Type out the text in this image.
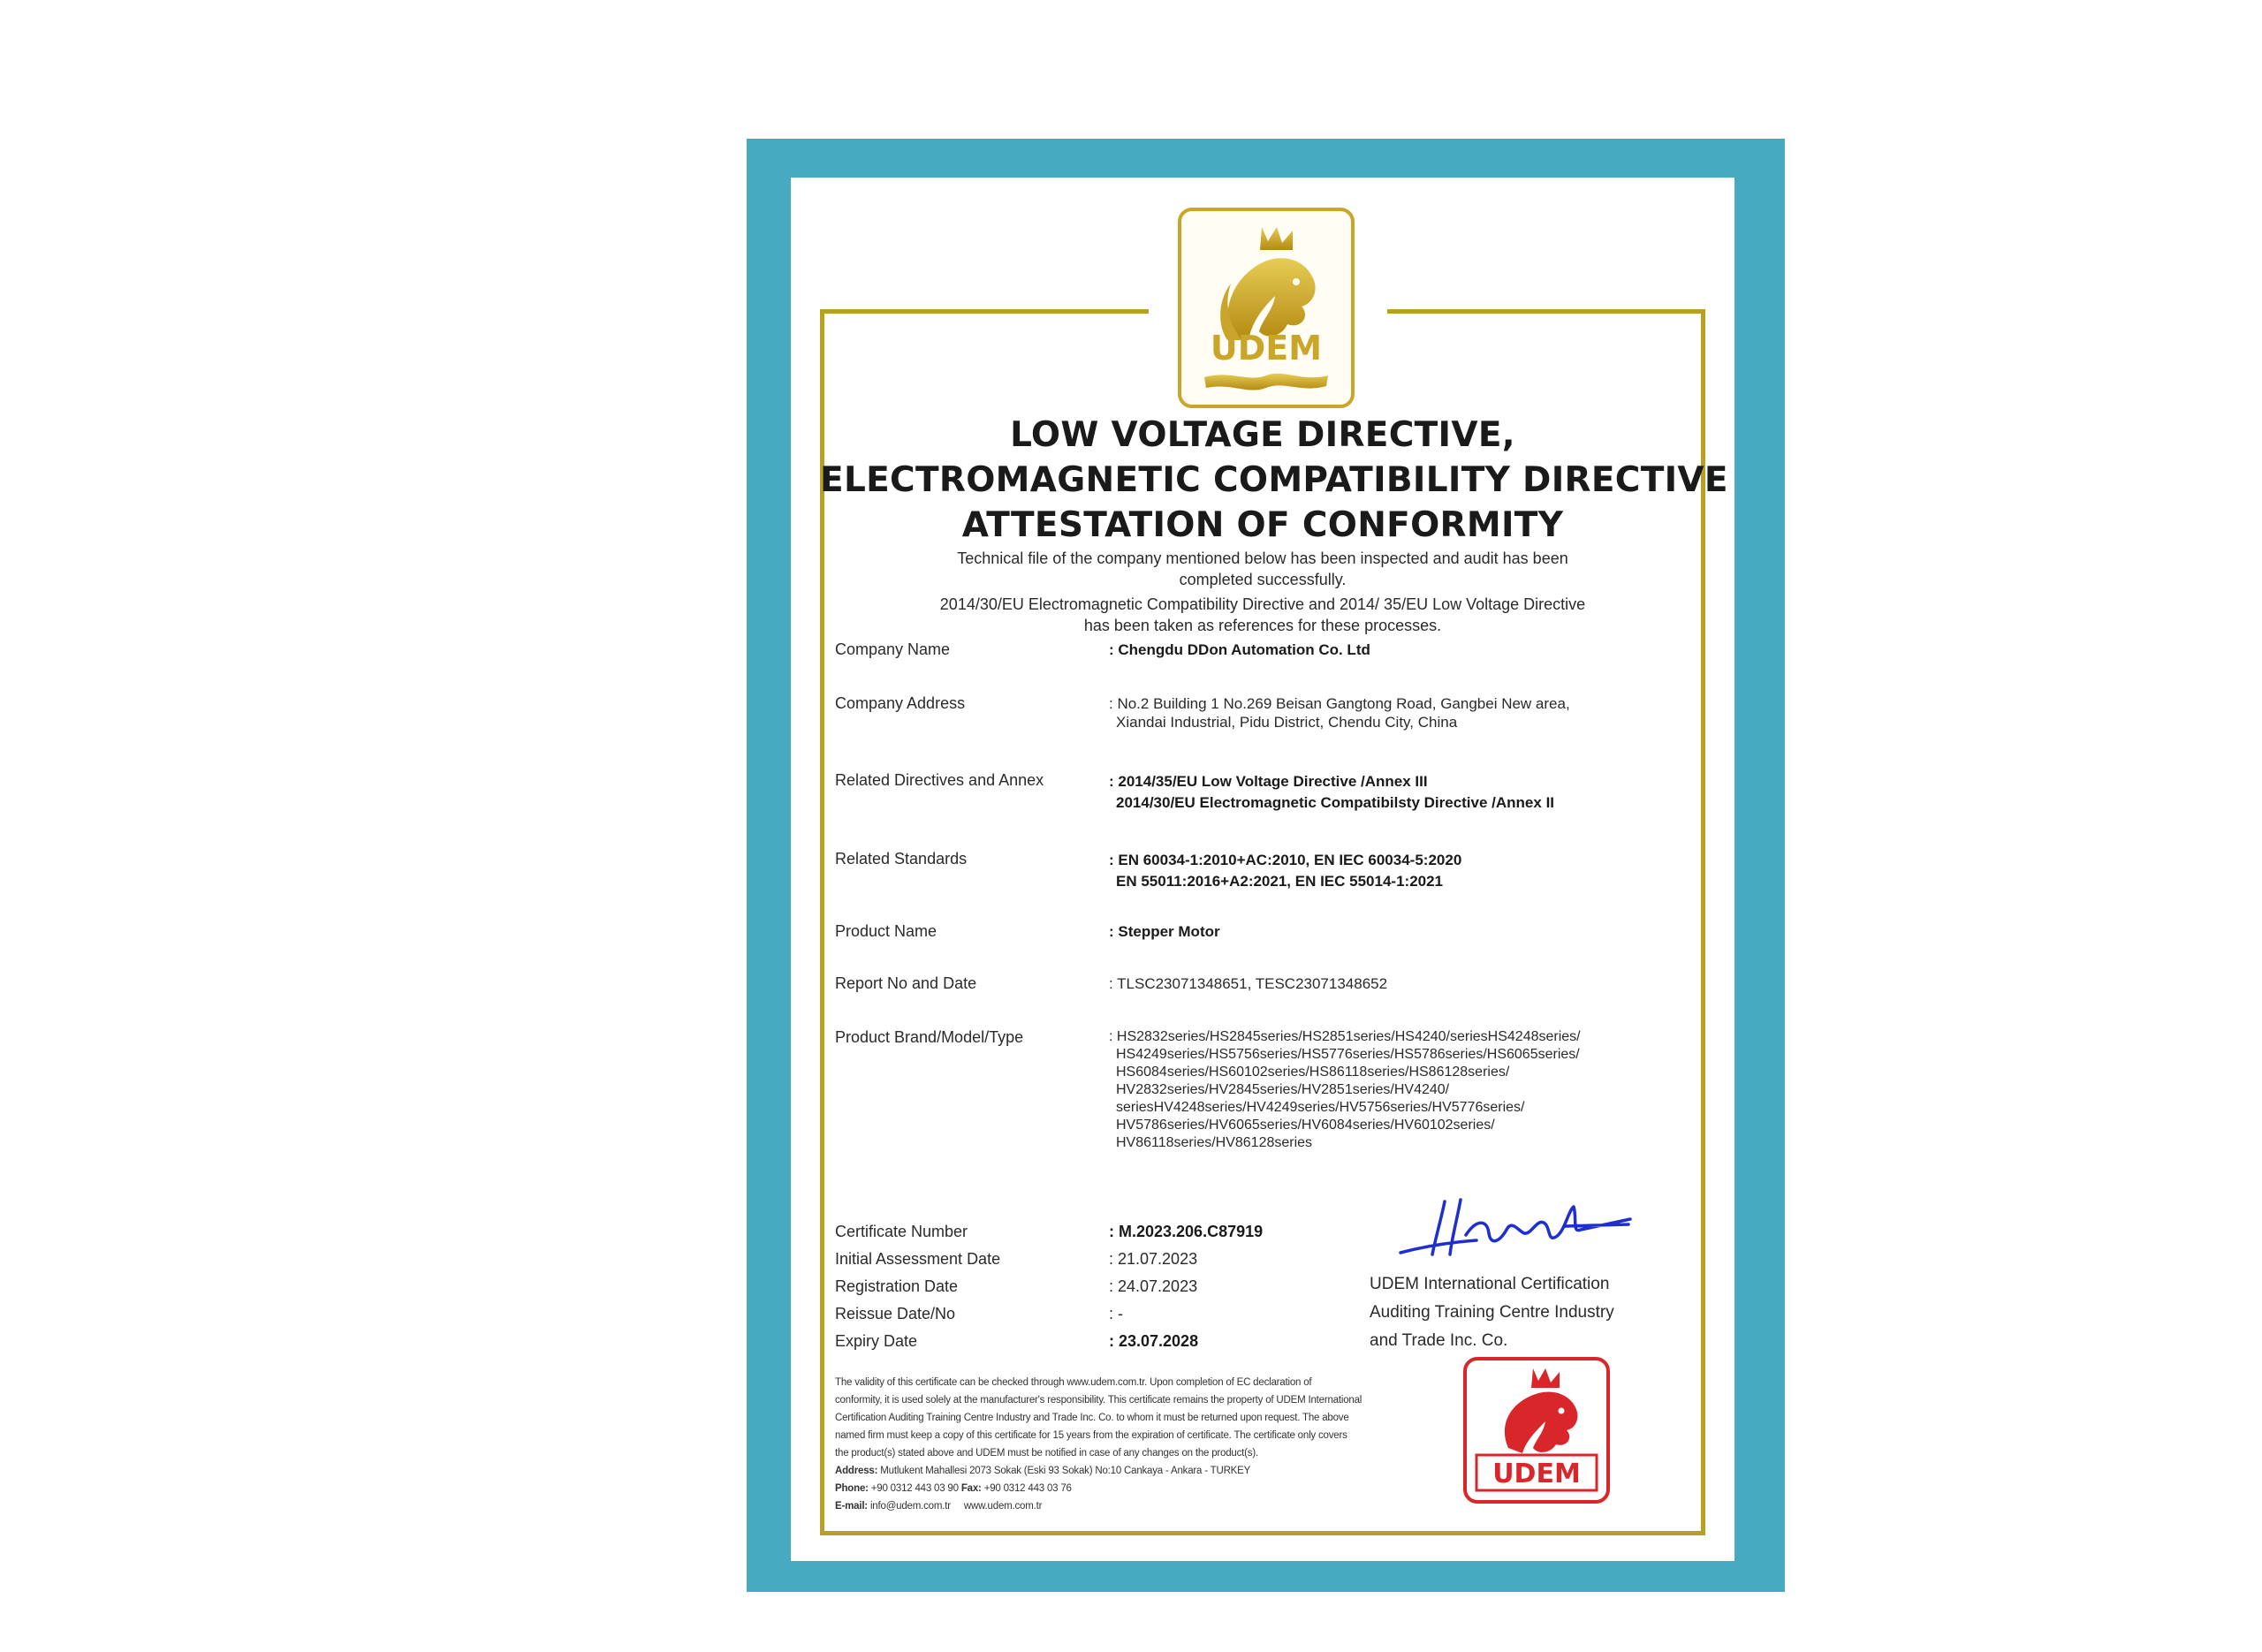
UDEM
LOW VOLTAGE DIRECTIVE,
ELECTROMAGNETIC COMPATIBILITY DIRECTIVE
ATTESTATION OF CONFORMITY
Technical file of the company mentioned below has been inspected and audit has been
completed successfully.
2014/30/EU Electromagnetic Compatibility Directive and 2014/ 35/EU Low Voltage Directive
has been taken as references for these processes.
Company Name	: Chengdu DDon Automation Co. Ltd
Company Address	: No.2 Building 1 No.269 Beisan Gangtong Road, Gangbei New area,
Xiandai Industrial, Pidu District, Chendu City, China
Related Directives and Annex	: 2014/35/EU Low Voltage Directive /Annex III
2014/30/EU Electromagnetic Compatibilsty Directive /Annex II
Related Standards	: EN 60034-1:2010+AC:2010, EN IEC 60034-5:2020
EN 55011:2016+A2:2021, EN IEC 55014-1:2021
Product Name	: Stepper Motor
Report No and Date	: TLSC23071348651, TESC23071348652
Product Brand/Model/Type	: HS2832series/HS2845series/HS2851series/HS4240/seriesHS4248series/
HS4249series/HS5756series/HS5776series/HS5786series/HS6065series/
HS6084series/HS60102series/HS86118series/HS86128series/
HV2832series/HV2845series/HV2851series/HV4240/
seriesHV4248series/HV4249series/HV5756series/HV5776series/
HV5786series/HV6065series/HV6084series/HV60102series/
HV86118series/HV86128series
Certificate Number	: M.2023.206.C87919
Initial Assessment Date	: 21.07.2023
Registration Date	: 24.07.2023
Reissue Date/No	: -
Expiry Date	: 23.07.2028
UDEM International Certification
Auditing Training Centre Industry
and Trade Inc. Co.

The validity of this certificate can be checked through www.udem.com.tr. Upon completion of EC declaration of

conformity, it is used solely at the manufacturer's responsibility. This certificate remains the property of UDEM International

Certification Auditing Training Centre Industry and Trade Inc. Co. to whom it must be returned upon request. The above

named firm must keep a copy of this certificate for 15 years from the expiration of certificate. The certificate only covers

the product(s) stated above and UDEM must be notified in case of any changes on the product(s).

Address: Mutlukent Mahallesi 2073 Sokak (Eski 93 Sokak) No:10 Cankaya - Ankara - TURKEY

Phone: +90 0312 443 03 90 Fax: +90 0312 443 03 76

E-mail: info@udem.com.tr www.udem.com.tr

UDEM
